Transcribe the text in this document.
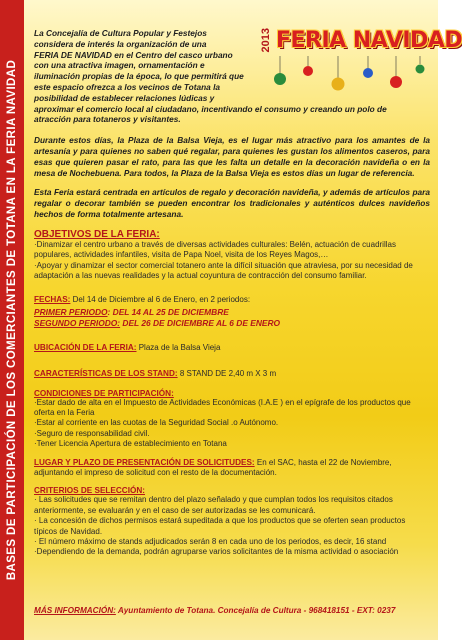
BASES DE PARTICIPACIÓN DE LOS COMERCIANTES DE TOTANA EN LA FERIA NAVIDAD
2013 FERIA NAVIDAD

La Concejalía de Cultura Popular y Festejos

considera de interés la organización de una

FERIA DE NAVIDAD en el Centro del casco urbano

con una atractiva imagen, ornamentación e

iluminación propias de la época, lo que permitirá que

este espacio ofrezca a los vecinos de Totana la

posibilidad de establecer relaciones lúdicas y

aproximar el comercio local al ciudadano, incentivando el consumo y creando un polo de

atracción para totaneros y visitantes.

Durante estos días, la Plaza de la Balsa Vieja, es el lugar más atractivo para los amantes de la artesanía y para quienes no saben qué regalar, para quienes les gustan los alimentos caseros, para esas que quieren pasar el rato, para las que les falta un detalle en la decoración navideña o en la mesa de Nochebuena. Para todos, la Plaza de la Balsa Vieja es estos días un lugar de referencia.

Esta Feria estará centrada en artículos de regalo y decoración navideña, y además de artículos para regalar o decorar también se pueden encontrar los tradicionales y auténticos dulces navideños hechos de forma totalmente artesana.

OBJETIVOS DE LA FERIA:

·Dinamizar el centro urbano a través de diversas actividades culturales: Belén, actuación de cuadrillas populares, actividades infantiles, visita de Papa Noel, visita de los Reyes Magos,…

·Apoyar y dinamizar el sector comercial totanero ante la difícil situación que atraviesa, por su necesidad de adaptación a las nuevas realidades y la actual coyuntura de contracción del consumo familiar.

FECHAS: Del 14 de Diciembre al 6 de Enero, en 2 periodos:

PRIMER PERIODO: DEL 14 AL 25 DE DICIEMBRE

SEGUNDO PERIODO: DEL 26 DE DICIEMBRE AL 6 DE ENERO

UBICACIÓN DE LA FERIA: Plaza de la Balsa Vieja

CARACTERÍSTICAS DE LOS STAND: 8 STAND DE 2,40 m X 3 m

CONDICIONES DE PARTICIPACIÓN:

·Estar dado de alta en el Impuesto de Actividades Económicas (I.A.E ) en el epígrafe de los productos que oferta en la Feria

·Estar al corriente en las cuotas de la Seguridad Social .o Autónomo.

·Seguro de responsabilidad civil.

·Tener Licencia Apertura de establecimiento en Totana

LUGAR Y PLAZO DE PRESENTACIÓN DE SOLICITUDES: En el SAC, hasta el 22 de Noviembre, adjuntando el impreso de solicitud con el resto de la documentación.

CRITERIOS DE SELECCIÓN:

· Las solicitudes que se remitan dentro del plazo señalado y que cumplan todos los requisitos citados anteriormente, se evaluarán y en el caso de ser autorizadas se les comunicará.

· La concesión de dichos permisos estará supeditada a que los productos que se oferten sean productos típicos de Navidad.

· El número máximo de stands adjudicados serán 8 en cada uno de los periodos, es decir, 16 stand

·Dependiendo de la demanda, podrán agruparse varios solicitantes de la misma actividad o asociación

MÁS INFORMACIÓN: Ayuntamiento de Totana. Concejalía de Cultura - 968418151 - EXT: 0237
